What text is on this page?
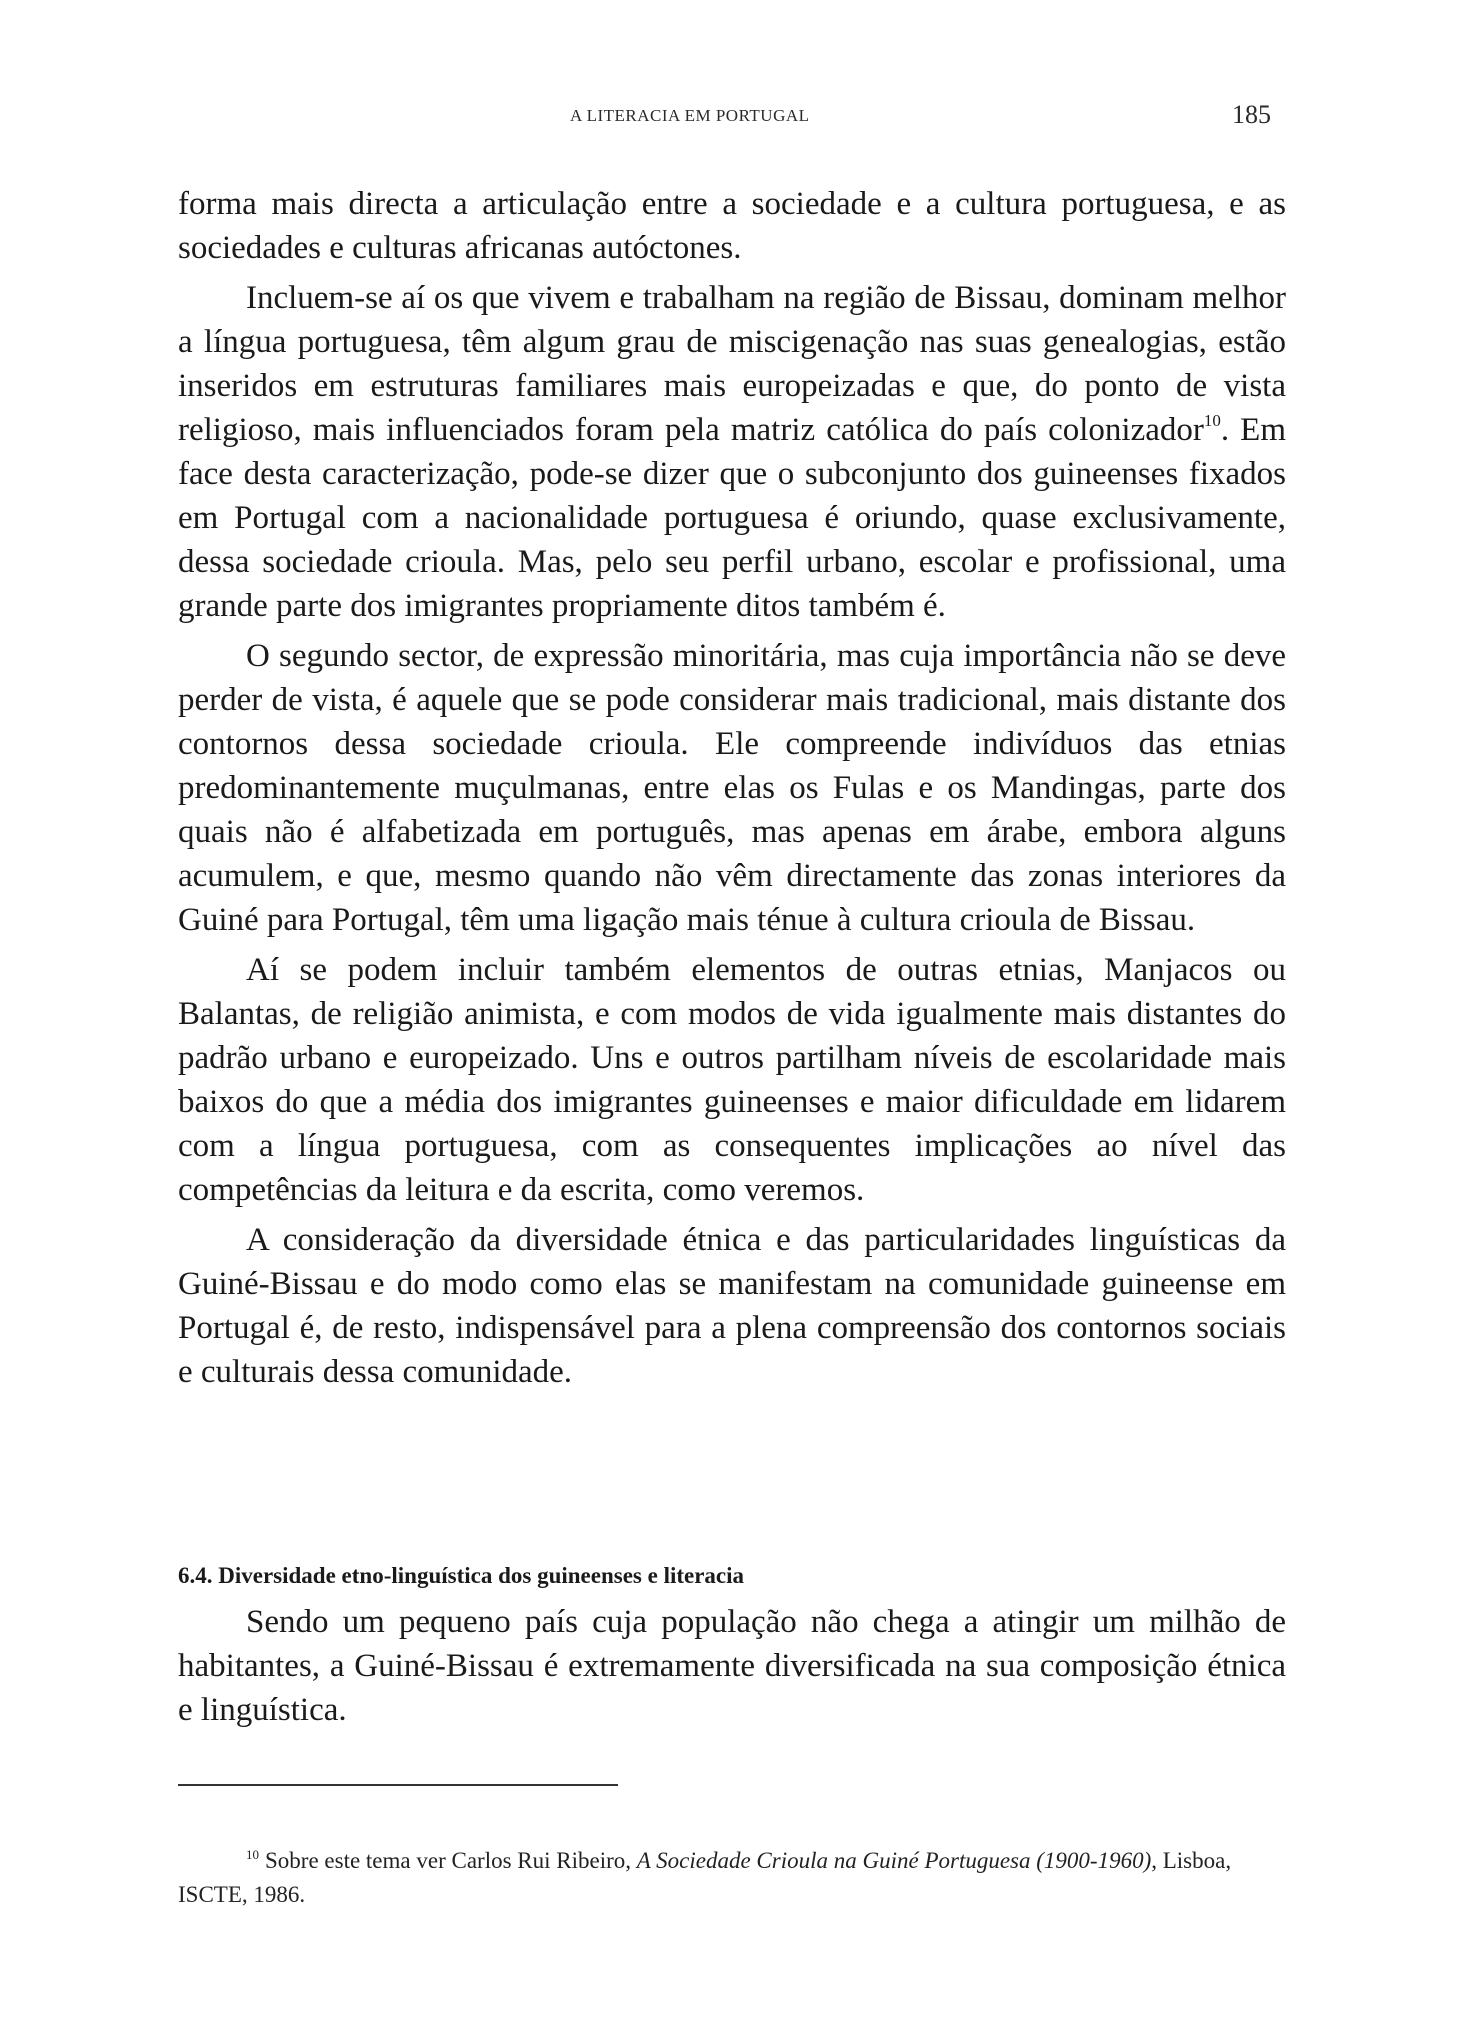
A LITERACIA EM PORTUGAL	185

forma mais directa a articulação entre a sociedade e a cultura portuguesa, e as sociedades e culturas africanas autóctones.

Incluem-se aí os que vivem e trabalham na região de Bissau, dominam melhor a língua portuguesa, têm algum grau de miscigenação nas suas genealogias, estão inseridos em estruturas familiares mais europeizadas e que, do ponto de vista religioso, mais influenciados foram pela matriz católica do país colonizador$^{10}$. Em face desta caracterização, pode-se dizer que o subconjunto dos guineenses fixados em Portugal com a nacionalidade portuguesa é oriundo, quase exclusivamente, dessa sociedade crioula. Mas, pelo seu perfil urbano, escolar e profissional, uma grande parte dos imigrantes propriamente ditos também é.

O segundo sector, de expressão minoritária, mas cuja importância não se deve perder de vista, é aquele que se pode considerar mais tradicional, mais distante dos contornos dessa sociedade crioula. Ele compreende indivíduos das etnias predominantemente muçulmanas, entre elas os Fulas e os Mandingas, parte dos quais não é alfabetizada em português, mas apenas em árabe, embora alguns acumulem, e que, mesmo quando não vêm directamente das zonas interiores da Guiné para Portugal, têm uma ligação mais ténue à cultura crioula de Bissau.

Aí se podem incluir também elementos de outras etnias, Manjacos ou Balantas, de religião animista, e com modos de vida igualmente mais distantes do padrão urbano e europeizado. Uns e outros partilham níveis de escolaridade mais baixos do que a média dos imigrantes guineenses e maior dificuldade em lidarem com a língua portuguesa, com as consequentes implicações ao nível das competências da leitura e da escrita, como veremos.

A consideração da diversidade étnica e das particularidades linguísticas da Guiné-Bissau e do modo como elas se manifestam na comunidade guineense em Portugal é, de resto, indispensável para a plena compreensão dos contornos sociais e culturais dessa comunidade.

6.4. Diversidade etno-linguística dos guineenses e literacia

Sendo um pequeno país cuja população não chega a atingir um milhão de habitantes, a Guiné-Bissau é extremamente diversificada na sua composição étnica e linguística.

$^{10}$ Sobre este tema ver Carlos Rui Ribeiro, A Sociedade Crioula na Guiné Portuguesa (1900-1960), Lisboa, ISCTE, 1986.
